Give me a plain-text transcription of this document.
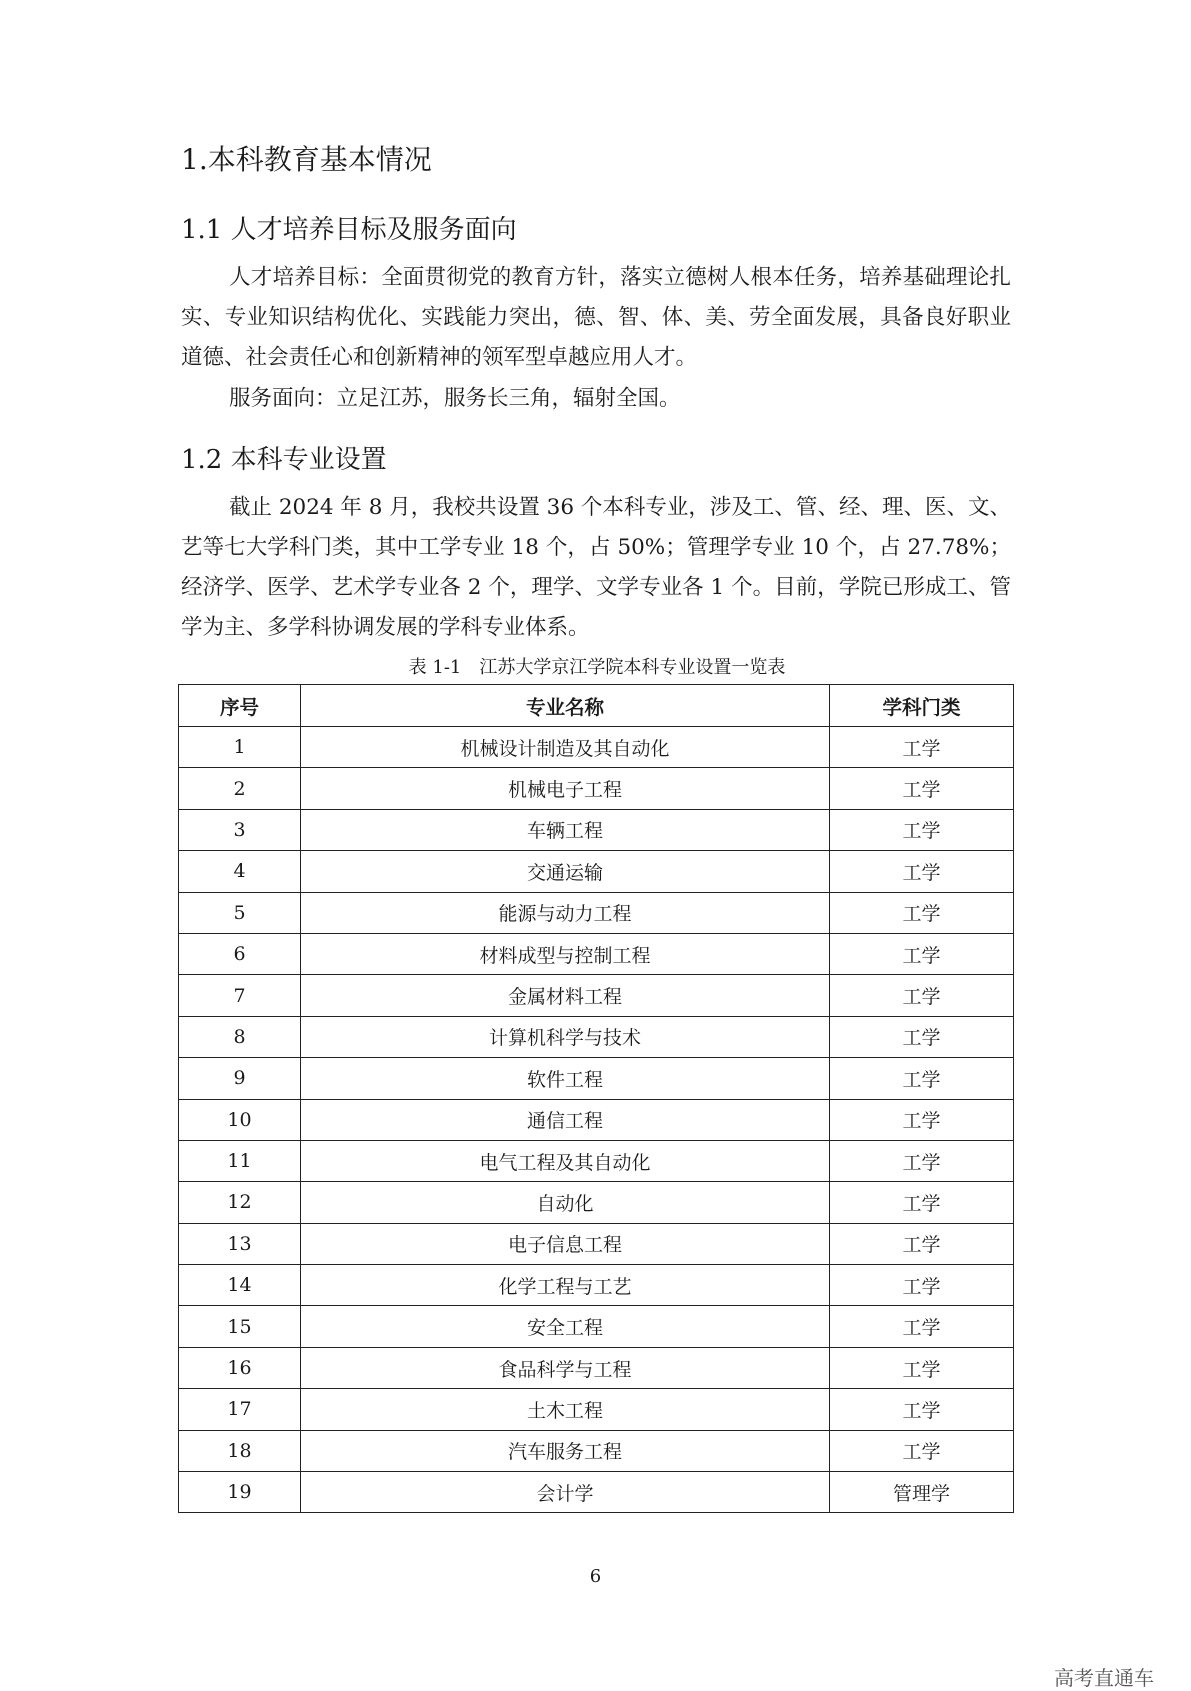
1.本科教育基本情况
1.1 人才培养目标及服务面向
人才培养目标：全面贯彻党的教育方针，落实立德树人根本任务，培养基础理论扎实、专业知识结构优化、实践能力突出，德、智、体、美、劳全面发展，具备良好职业道德、社会责任心和创新精神的领军型卓越应用人才。
服务面向：立足江苏，服务长三角，辐射全国。
1.2 本科专业设置
截止 2024 年 8 月，我校共设置 36 个本科专业，涉及工、管、经、理、医、文、艺等七大学科门类，其中工学专业 18 个，占 50%；管理学专业 10 个，占 27.78%；经济学、医学、艺术学专业各 2 个，理学、文学专业各 1 个。目前，学院已形成工、管学为主、多学科协调发展的学科专业体系。
表 1-1　江苏大学京江学院本科专业设置一览表
序号	专业名称	学科门类
1	机械设计制造及其自动化	工学
2	机械电子工程	工学
3	车辆工程	工学
4	交通运输	工学
5	能源与动力工程	工学
6	材料成型与控制工程	工学
7	金属材料工程	工学
8	计算机科学与技术	工学
9	软件工程	工学
10	通信工程	工学
11	电气工程及其自动化	工学
12	自动化	工学
13	电子信息工程	工学
14	化学工程与工艺	工学
15	安全工程	工学
16	食品科学与工程	工学
17	土木工程	工学
18	汽车服务工程	工学
19	会计学	管理学
6
高考直通车
